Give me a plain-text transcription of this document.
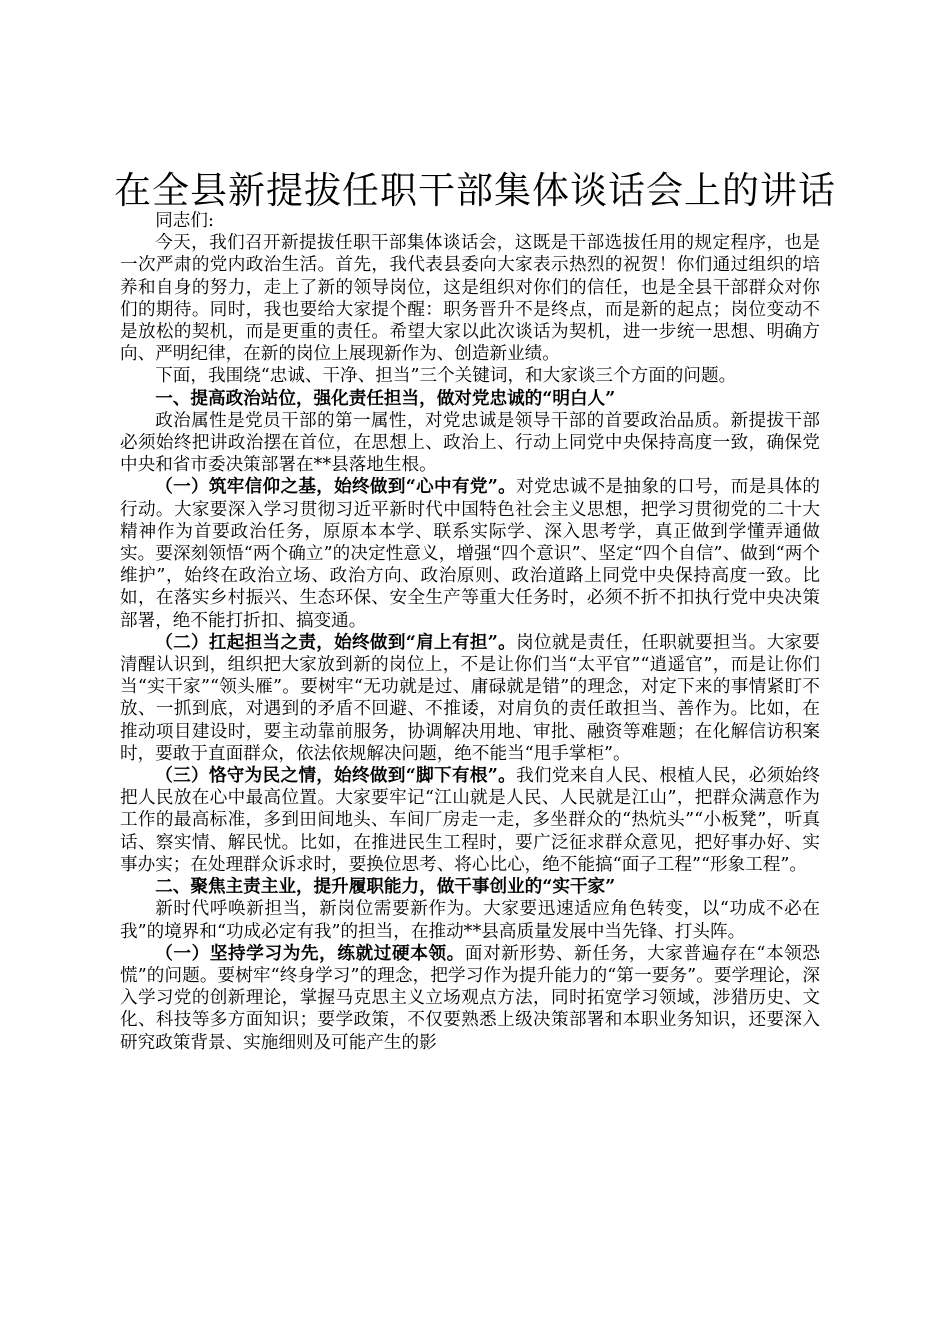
在全县新提拔任职干部集体谈话会上的讲话

同志们:

今天，我们召开新提拔任职干部集体谈话会，这既是干部选拔任用的规定程序，也是一次严肃的党内政治生活。首先，我代表县委向大家表示热烈的祝贺！你们通过组织的培养和自身的努力，走上了新的领导岗位，这是组织对你们的信任，也是全县干部群众对你们的期待。同时，我也要给大家提个醒：职务晋升不是终点，而是新的起点；岗位变动不是放松的契机，而是更重的责任。希望大家以此次谈话为契机，进一步统一思想、明确方向、严明纪律，在新的岗位上展现新作为、创造新业绩。

下面，我围绕“忠诚、干净、担当”三个关键词，和大家谈三个方面的问题。

一、提高政治站位，强化责任担当，做对党忠诚的“明白人”

政治属性是党员干部的第一属性，对党忠诚是领导干部的首要政治品质。新提拔干部必须始终把讲政治摆在首位，在思想上、政治上、行动上同党中央保持高度一致，确保党中央和省市委决策部署在**县落地生根。

（一）筑牢信仰之基，始终做到“心中有党”。对党忠诚不是抽象的口号，而是具体的行动。大家要深入学习贯彻习近平新时代中国特色社会主义思想，把学习贯彻党的二十大精神作为首要政治任务，原原本本学、联系实际学、深入思考学，真正做到学懂弄通做实。要深刻领悟“两个确立”的决定性意义，增强“四个意识”、坚定“四个自信”、做到“两个维护”，始终在政治立场、政治方向、政治原则、政治道路上同党中央保持高度一致。比如，在落实乡村振兴、生态环保、安全生产等重大任务时，必须不折不扣执行党中央决策部署，绝不能打折扣、搞变通。

（二）扛起担当之责，始终做到“肩上有担”。岗位就是责任，任职就要担当。大家要清醒认识到，组织把大家放到新的岗位上，不是让你们当“太平官”“逍遥官”，而是让你们当“实干家”“领头雁”。要树牢“无功就是过、庸碌就是错”的理念，对定下来的事情紧盯不放、一抓到底，对遇到的矛盾不回避、不推诿，对肩负的责任敢担当、善作为。比如，在推动项目建设时，要主动靠前服务，协调解决用地、审批、融资等难题；在化解信访积案时，要敢于直面群众，依法依规解决问题，绝不能当“甩手掌柜”。

（三）恪守为民之情，始终做到“脚下有根”。我们党来自人民、根植人民，必须始终把人民放在心中最高位置。大家要牢记“江山就是人民、人民就是江山”，把群众满意作为工作的最高标准，多到田间地头、车间厂房走一走，多坐群众的“热炕头”“小板凳”，听真话、察实情、解民忧。比如，在推进民生工程时，要广泛征求群众意见，把好事办好、实事办实；在处理群众诉求时，要换位思考、将心比心，绝不能搞“面子工程”“形象工程”。

二、聚焦主责主业，提升履职能力，做干事创业的“实干家”

新时代呼唤新担当，新岗位需要新作为。大家要迅速适应角色转变，以“功成不必在我”的境界和“功成必定有我”的担当，在推动**县高质量发展中当先锋、打头阵。

（一）坚持学习为先，练就过硬本领。面对新形势、新任务，大家普遍存在“本领恐慌”的问题。要树牢“终身学习”的理念，把学习作为提升能力的“第一要务”。要学理论，深入学习党的创新理论，掌握马克思主义立场观点方法，同时拓宽学习领域，涉猎历史、文化、科技等多方面知识；要学政策，不仅要熟悉上级决策部署和本职业务知识，还要深入研究政策背景、实施细则及可能产生的影
